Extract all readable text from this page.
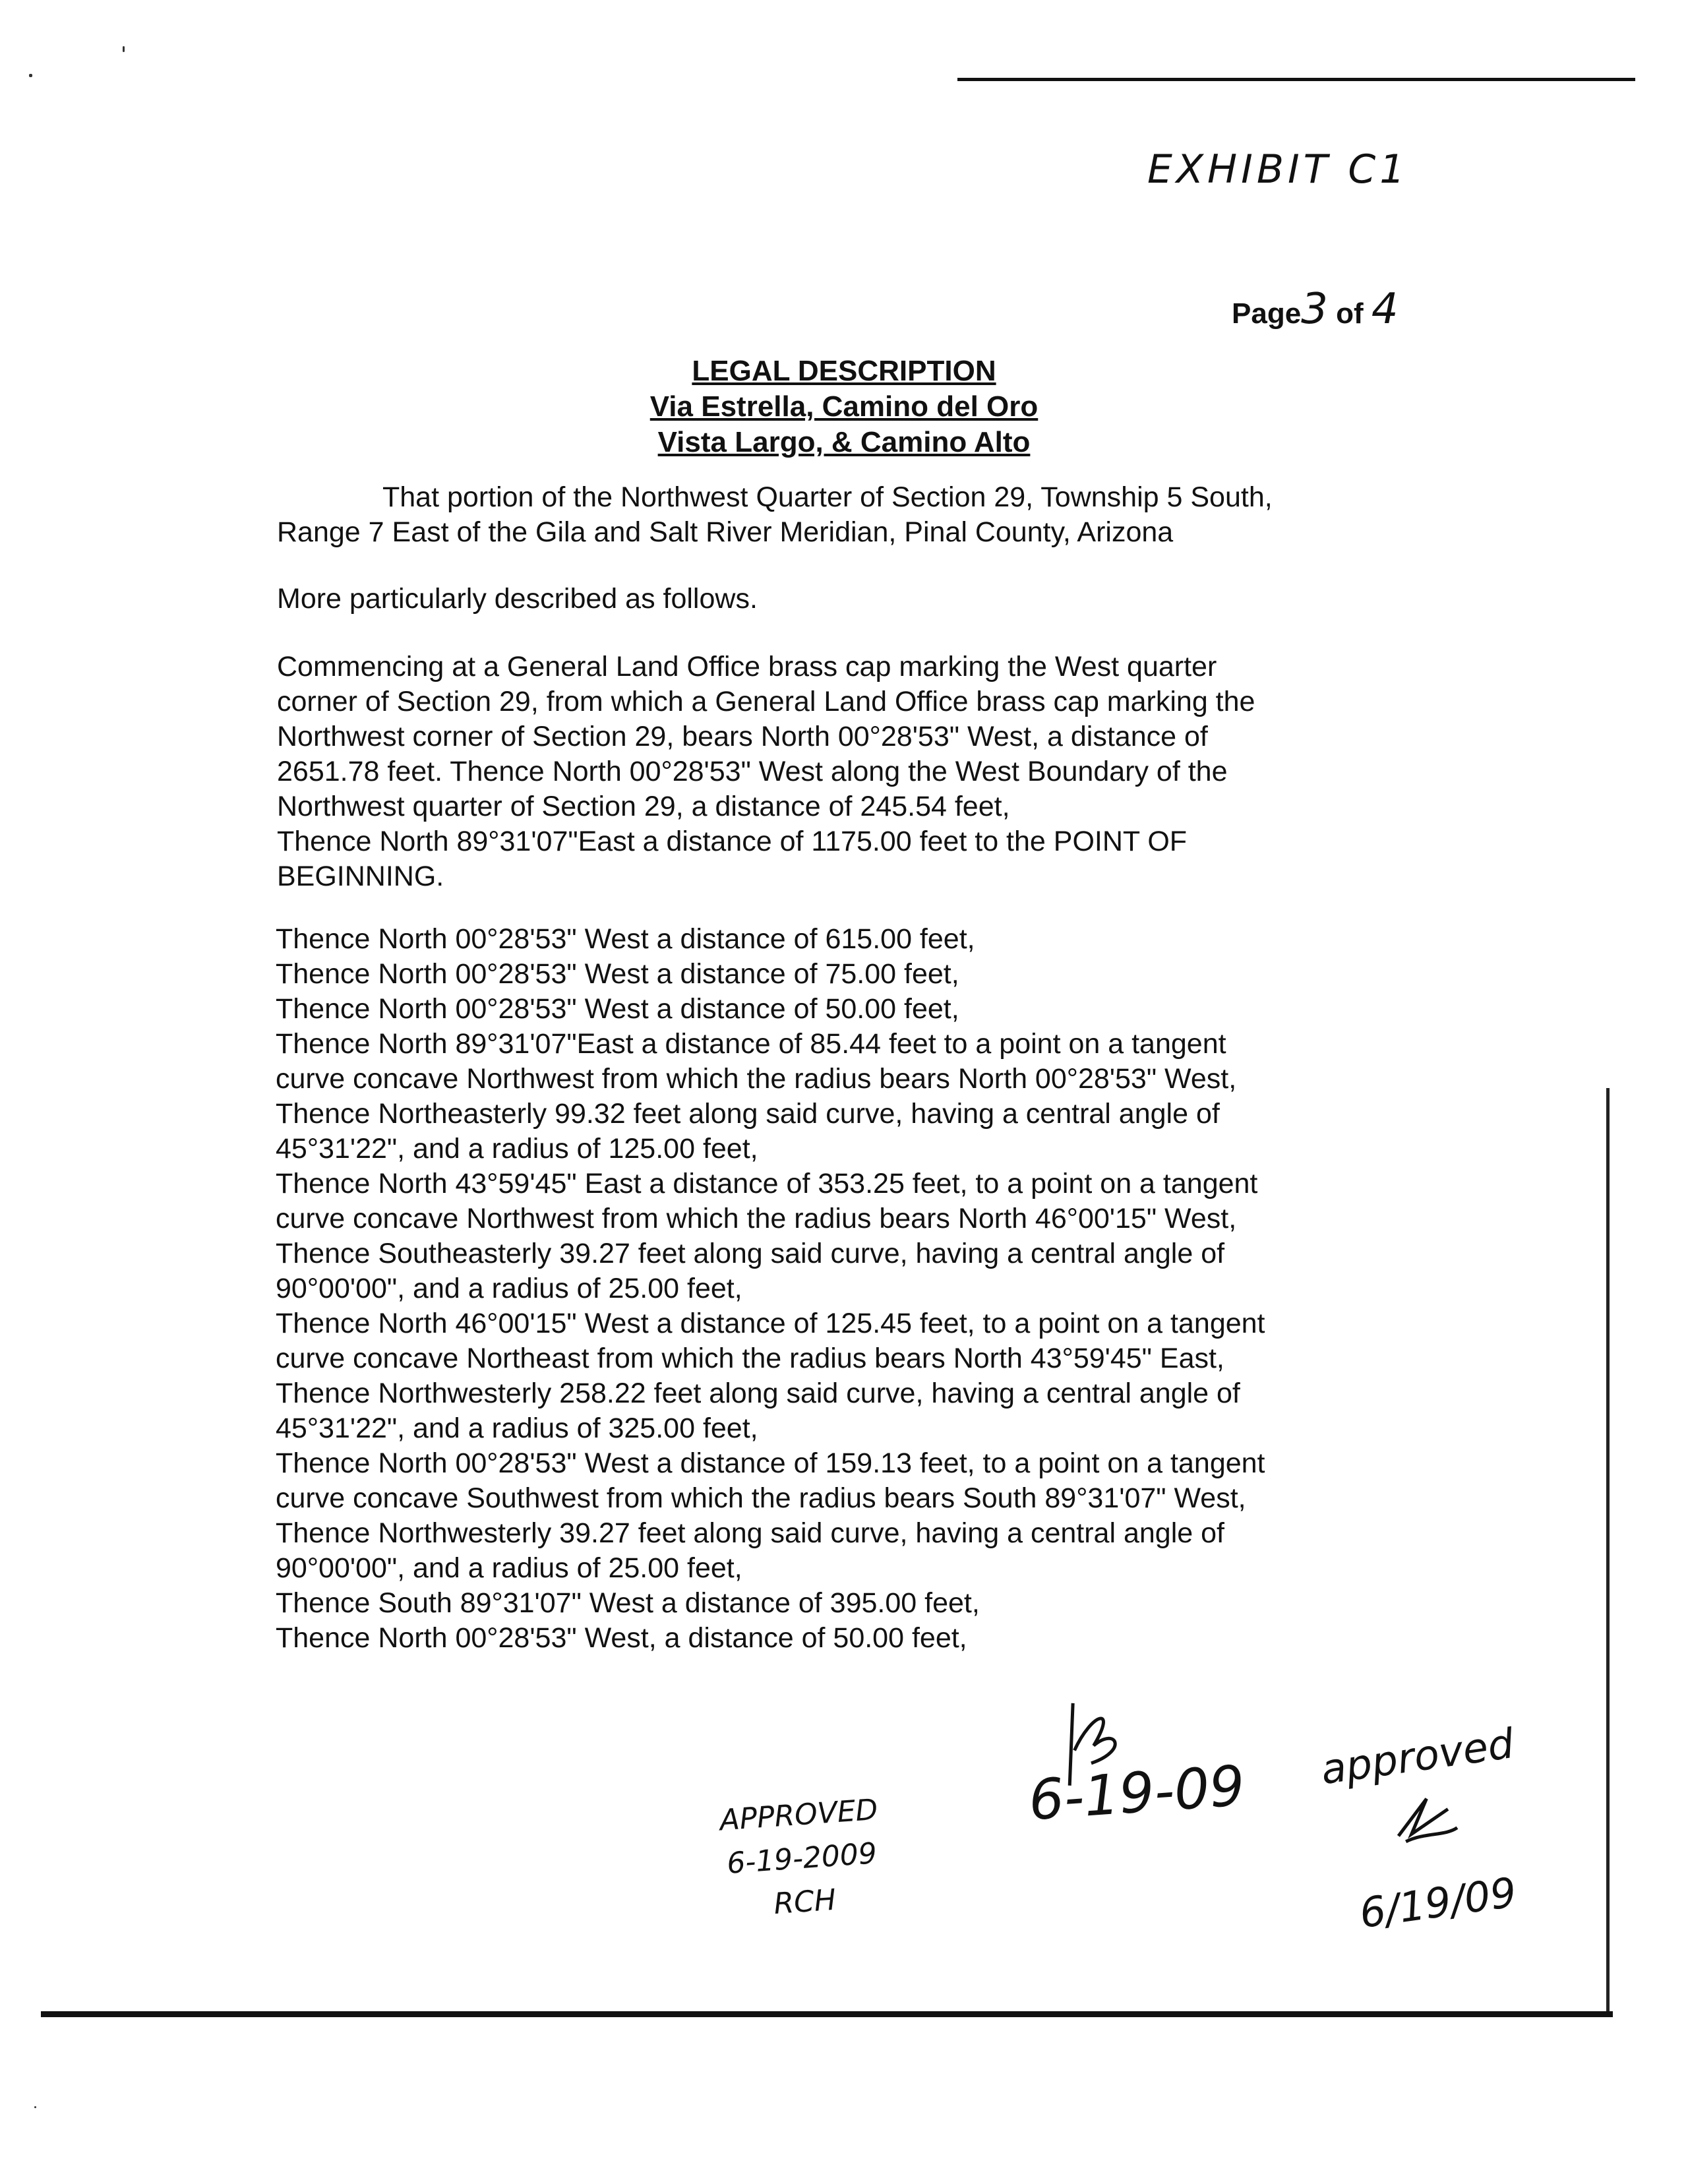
EXHIBIT C1
Page3 of 4
LEGAL DESCRIPTION
Via Estrella, Camino del Oro
Vista Largo, & Camino Alto
That portion of the Northwest Quarter of Section 29, Township 5 South,
Range 7 East of the Gila and Salt River Meridian, Pinal County, Arizona
More particularly described as follows.
Commencing at a General Land Office brass cap marking the West quarter
corner of Section 29, from which a General Land Office brass cap marking the
Northwest corner of Section 29, bears North 00°28'53" West, a distance of
2651.78 feet. Thence North 00°28'53" West along the West Boundary of the
Northwest quarter of Section 29, a distance of 245.54 feet,
Thence North 89°31'07"East a distance of 1175.00 feet to the POINT OF
BEGINNING.
Thence North 00°28'53" West a distance of 615.00 feet,
Thence North 00°28'53" West a distance of 75.00 feet,
Thence North 00°28'53" West a distance of 50.00 feet,
Thence North 89°31'07"East a distance of 85.44 feet to a point on a tangent
curve concave Northwest from which the radius bears North 00°28'53" West,
Thence Northeasterly 99.32 feet along said curve, having a central angle of
45°31'22", and a radius of 125.00 feet,
Thence North 43°59'45" East a distance of 353.25 feet, to a point on a tangent
curve concave Northwest from which the radius bears North 46°00'15" West,
Thence Southeasterly 39.27 feet along said curve, having a central angle of
90°00'00", and a radius of 25.00 feet,
Thence North 46°00'15" West a distance of 125.45 feet, to a point on a tangent
curve concave Northeast from which the radius bears North 43°59'45" East,
Thence Northwesterly 258.22 feet along said curve, having a central angle of
45°31'22", and a radius of 325.00 feet,
Thence North 00°28'53" West a distance of 159.13 feet, to a point on a tangent
curve concave Southwest from which the radius bears South 89°31'07" West,
Thence Northwesterly 39.27 feet along said curve, having a central angle of
90°00'00", and a radius of 25.00 feet,
Thence South 89°31'07" West a distance of 395.00 feet,
Thence North 00°28'53" West, a distance of 50.00 feet,
APPROVED
6-19-2009
RCH
6-19-09 approved
6/19/09
